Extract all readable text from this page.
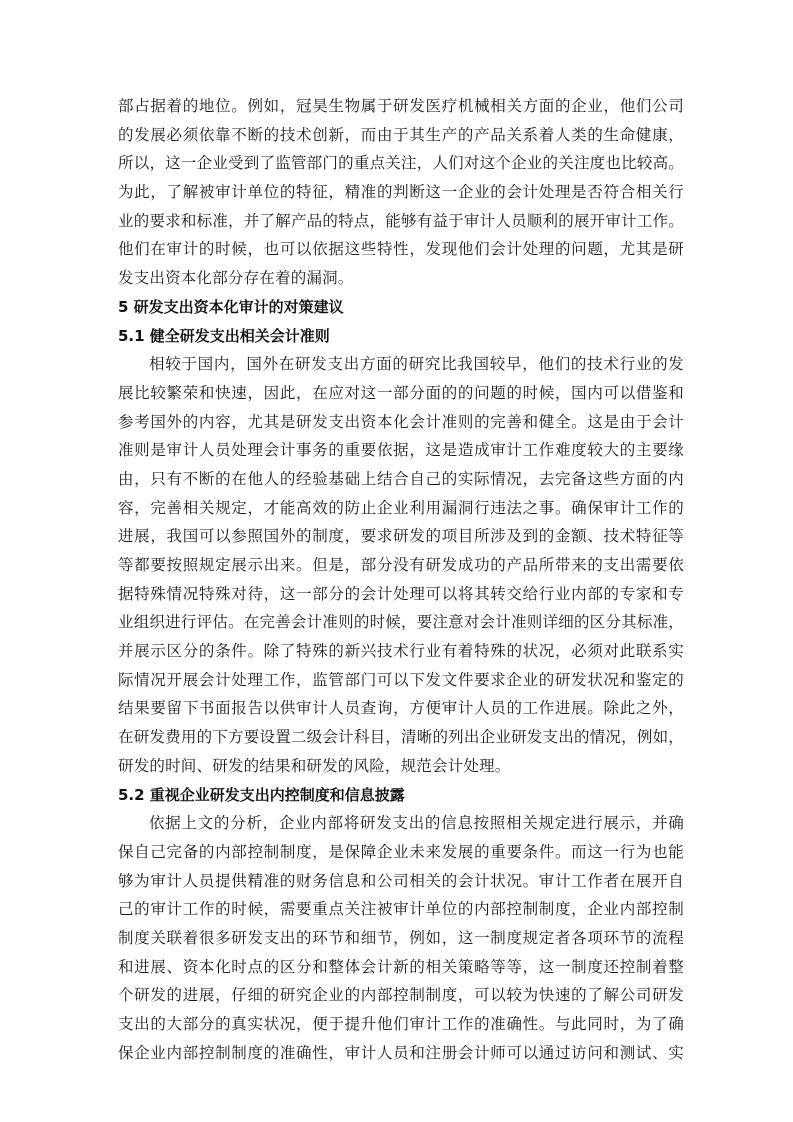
部占据着的地位。例如，冠昊生物属于研发医疗机械相关方面的企业，他们公司
的发展必须依靠不断的技术创新，而由于其生产的产品关系着人类的生命健康，
所以，这一企业受到了监管部门的重点关注，人们对这个企业的关注度也比较高。
为此，了解被审计单位的特征，精准的判断这一企业的会计处理是否符合相关行
业的要求和标准，并了解产品的特点，能够有益于审计人员顺利的展开审计工作。
他们在审计的时候，也可以依据这些特性，发现他们会计处理的问题，尤其是研
发支出资本化部分存在着的漏洞。
5 研发支出资本化审计的对策建议
5.1 健全研发支出相关会计准则
相较于国内，国外在研发支出方面的研究比我国较早，他们的技术行业的发
展比较繁荣和快速，因此，在应对这一部分面的的问题的时候，国内可以借鉴和
参考国外的内容，尤其是研发支出资本化会计准则的完善和健全。这是由于会计
准则是审计人员处理会计事务的重要依据，这是造成审计工作难度较大的主要缘
由，只有不断的在他人的经验基础上结合自己的实际情况，去完备这些方面的内
容，完善相关规定，才能高效的防止企业利用漏洞行违法之事。确保审计工作的
进展，我国可以参照国外的制度，要求研发的项目所涉及到的金额、技术特征等
等都要按照规定展示出来。但是，部分没有研发成功的产品所带来的支出需要依
据特殊情况特殊对待，这一部分的会计处理可以将其转交给行业内部的专家和专
业组织进行评估。在完善会计准则的时候，要注意对会计准则详细的区分其标准，
并展示区分的条件。除了特殊的新兴技术行业有着特殊的状况，必须对此联系实
际情况开展会计处理工作，监管部门可以下发文件要求企业的研发状况和鉴定的
结果要留下书面报告以供审计人员查询，方便审计人员的工作进展。除此之外，
在研发费用的下方要设置二级会计科目，清晰的列出企业研发支出的情况，例如，
研发的时间、研发的结果和研发的风险，规范会计处理。
5.2 重视企业研发支出内控制度和信息披露
依据上文的分析，企业内部将研发支出的信息按照相关规定进行展示，并确
保自己完备的内部控制制度，是保障企业未来发展的重要条件。而这一行为也能
够为审计人员提供精准的财务信息和公司相关的会计状况。审计工作者在展开自
己的审计工作的时候，需要重点关注被审计单位的内部控制制度，企业内部控制
制度关联着很多研发支出的环节和细节，例如，这一制度规定者各项环节的流程
和进展、资本化时点的区分和整体会计新的相关策略等等，这一制度还控制着整
个研发的进展，仔细的研究企业的内部控制制度，可以较为快速的了解公司研发
支出的大部分的真实状况，便于提升他们审计工作的准确性。与此同时，为了确
保企业内部控制制度的准确性，审计人员和注册会计师可以通过访问和测试、实
